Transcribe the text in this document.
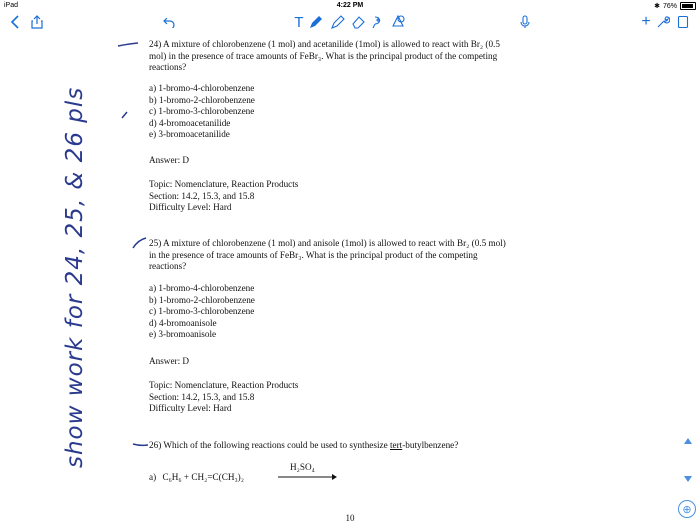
iPad	4:22 PM	✱ 76%
T	+
24) A mixture of chlorobenzene (1 mol) and acetanilide (1mol) is allowed to react with Br₂ (0.5
mol) in the presence of trace amounts of FeBr₃. What is the principal product of the competing
reactions?
a) 1-bromo-4-chlorobenzene
b) 1-bromo-2-chlorobenzene
c) 1-bromo-3-chlorobenzene
d) 4-bromoacetanilide
e) 3-bromoacetanilide
Answer: D
Topic: Nomenclature, Reaction Products
Section: 14.2, 15.3, and 15.8
Difficulty Level: Hard
25) A mixture of chlorobenzene (1 mol) and anisole (1mol) is allowed to react with Br₂ (0.5 mol)
in the presence of trace amounts of FeBr₃. What is the principal product of the competing
reactions?
a) 1-bromo-4-chlorobenzene
b) 1-bromo-2-chlorobenzene
c) 1-bromo-3-chlorobenzene
d) 4-bromoanisole
e) 3-bromoanisole
Answer: D
Topic: Nomenclature, Reaction Products
Section: 14.2, 15.3, and 15.8
Difficulty Level: Hard
26) Which of the following reactions could be used to synthesize tert-butylbenzene?
a) C₆H₆ + CH₂=C(CH₃)₂
H₂SO₄
10
show work for 24, 25, & 26 pls
⊕
